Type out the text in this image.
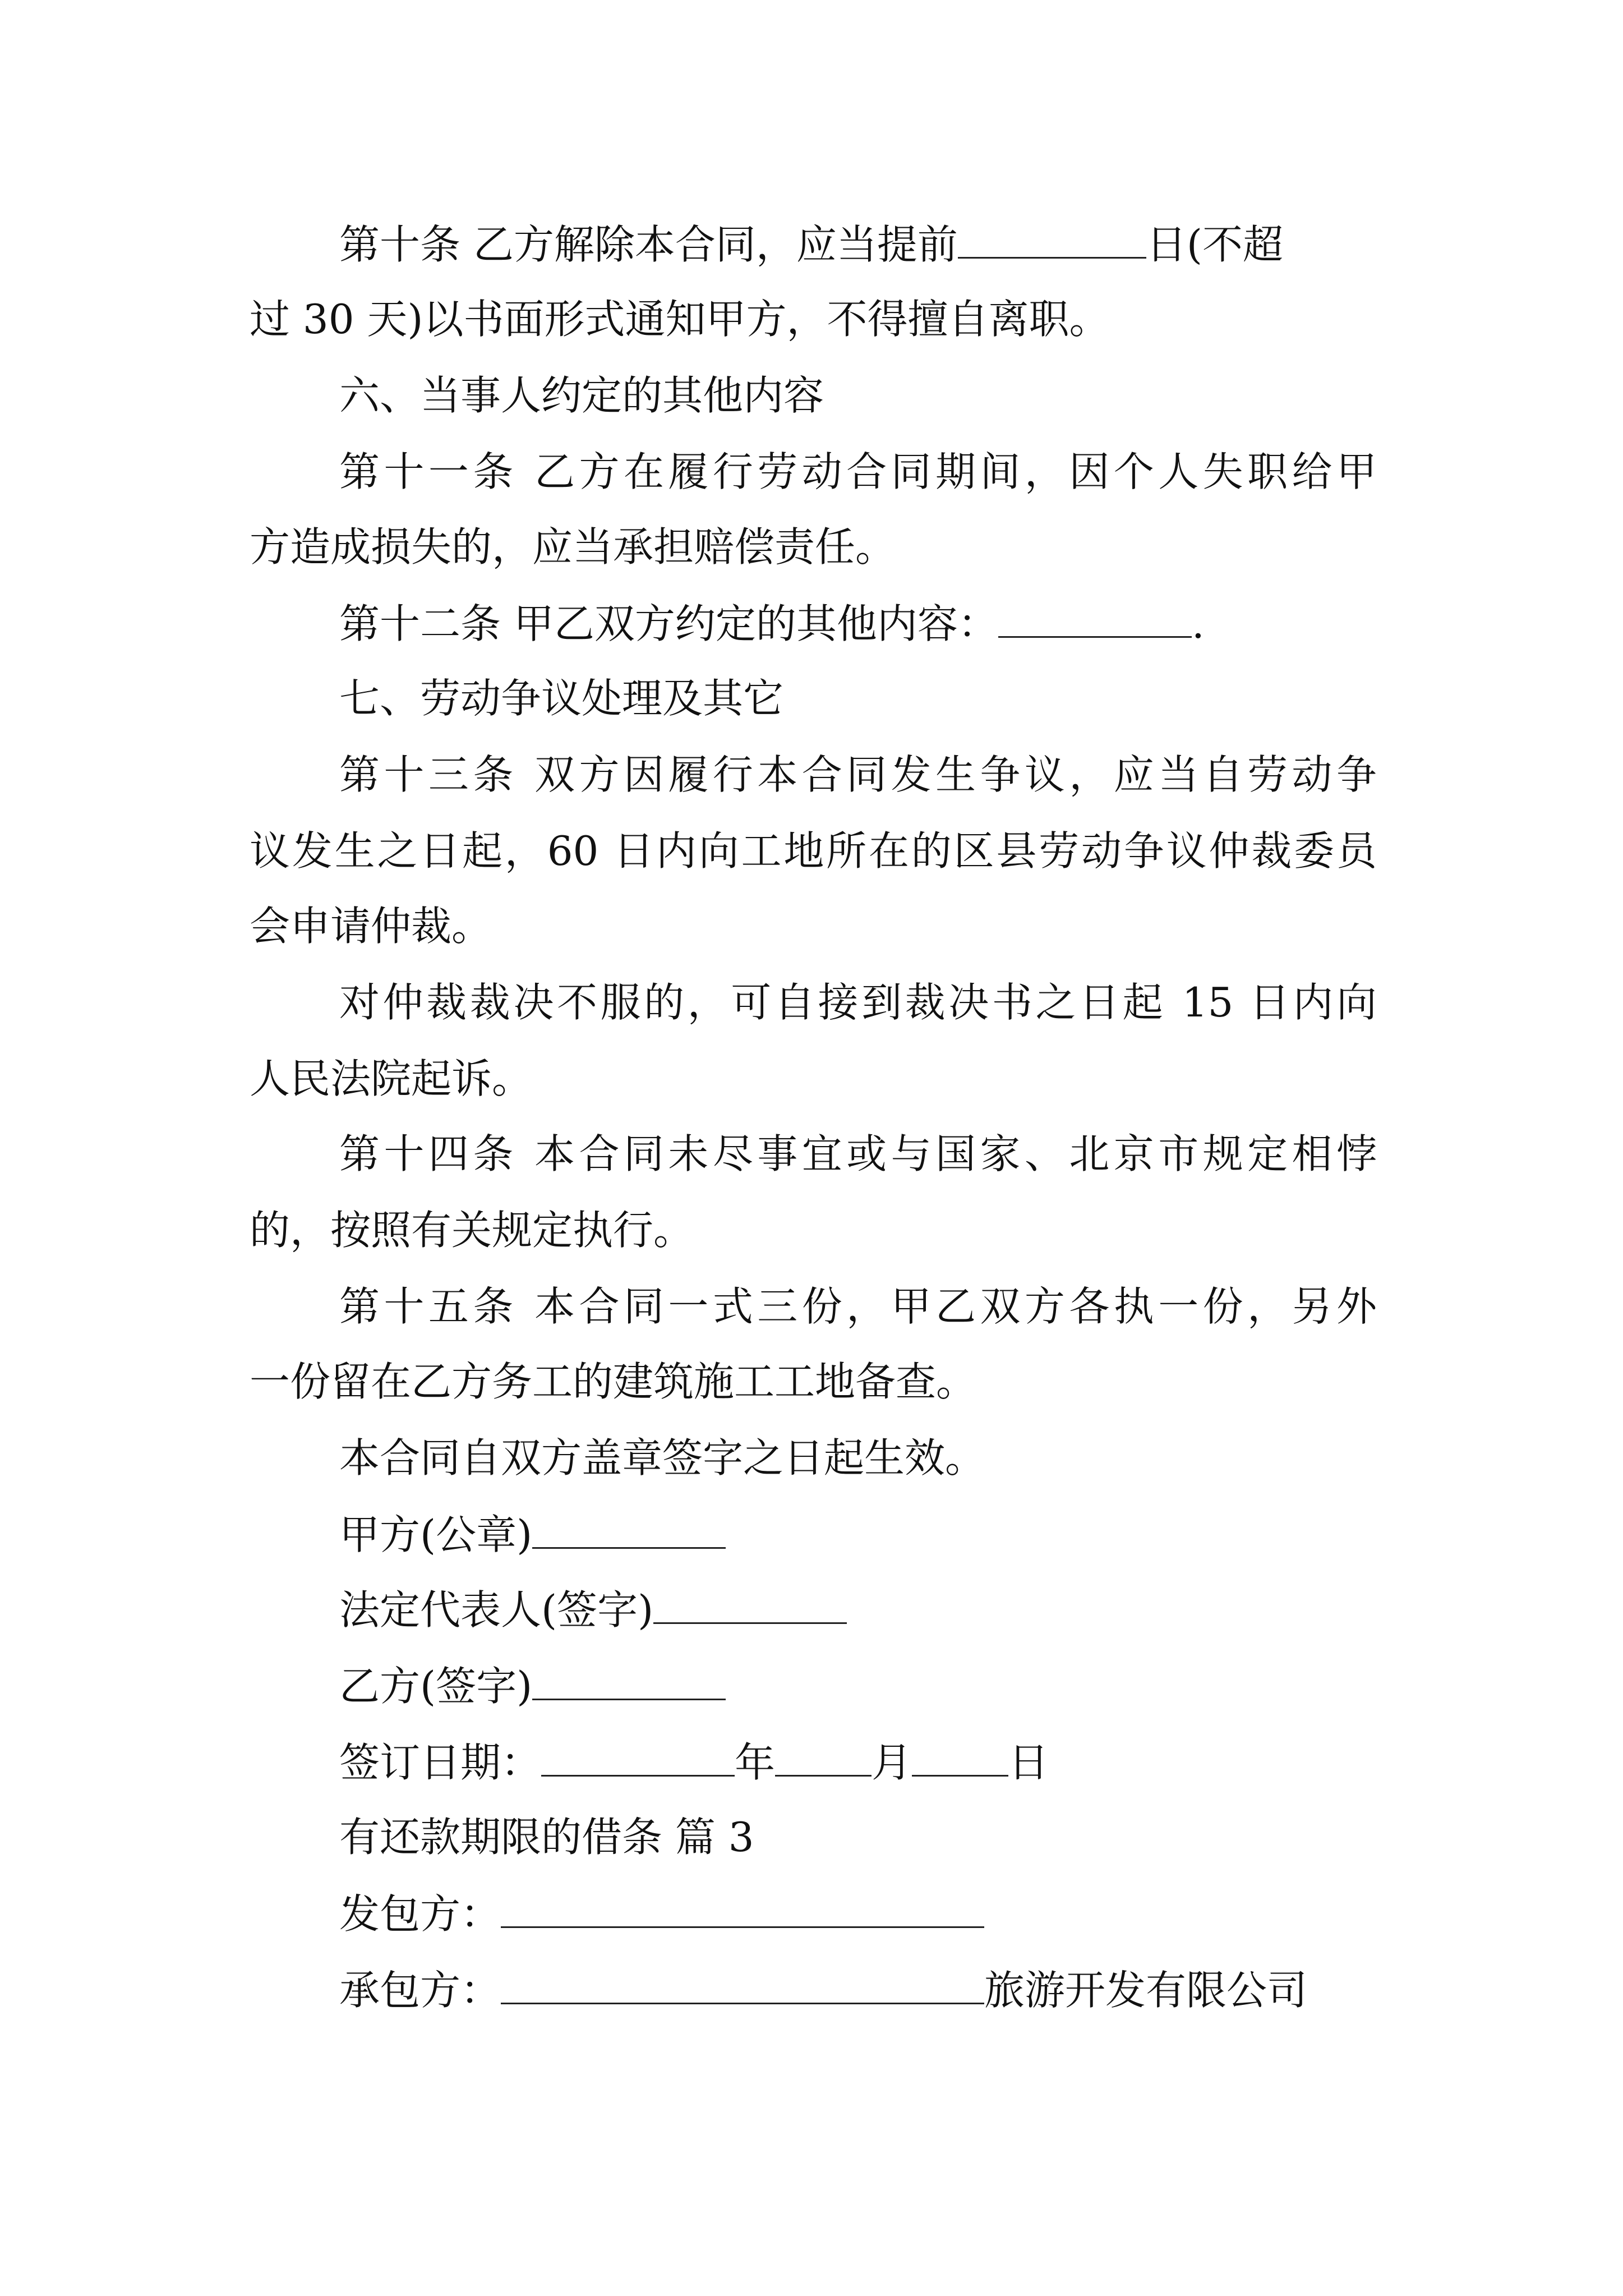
第十条 乙方解除本合同，应当提前	日(不超
过 30 天)以书面形式通知甲方，不得擅自离职。
六、当事人约定的其他内容
第十一条 乙方在履行劳动合同期间，因个人失职给甲
方造成损失的，应当承担赔偿责任。
第十二条 甲乙双方约定的其他内容：	.
七、劳动争议处理及其它
第十三条 双方因履行本合同发生争议，应当自劳动争
议发生之日起，60 日内向工地所在的区县劳动争议仲裁委员
会申请仲裁。
对仲裁裁决不服的，可自接到裁决书之日起 15 日内向
人民法院起诉。
第十四条 本合同未尽事宜或与国家、北京市规定相悖
的，按照有关规定执行。
第十五条 本合同一式三份，甲乙双方各执一份，另外
一份留在乙方务工的建筑施工工地备查。
本合同自双方盖章签字之日起生效。
甲方(公章)
法定代表人(签字)
乙方(签字)
签订日期：	年 月 日
有还款期限的借条 篇 3
发包方：
承包方：	旅游开发有限公司
